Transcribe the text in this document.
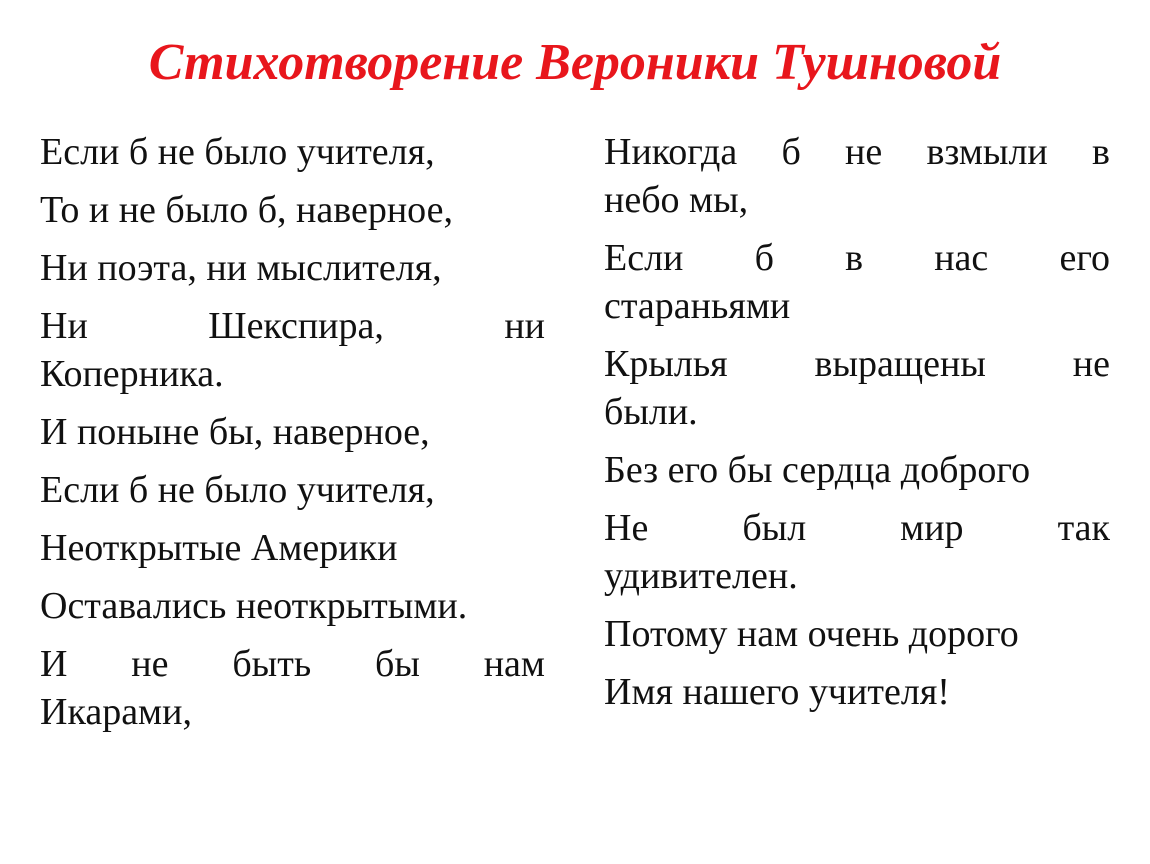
Стихотворение Вероники Тушновой
Если б не было учителя,
То и не было б, наверное,
Ни поэта, ни мыслителя,
Ни	Шекспира,	ни
Коперника.
И поныне бы, наверное,
Если б не было учителя,
Неоткрытые Америки
Оставались неоткрытыми.
И не быть бы нам
Икарами,
Никогда б не взмыли в
небо мы,
Если б в нас его
стараньями
Крылья выращены не
были.
Без его бы сердца доброго
Не был мир так
удивителен.
Потому нам очень дорого
Имя нашего учителя!
